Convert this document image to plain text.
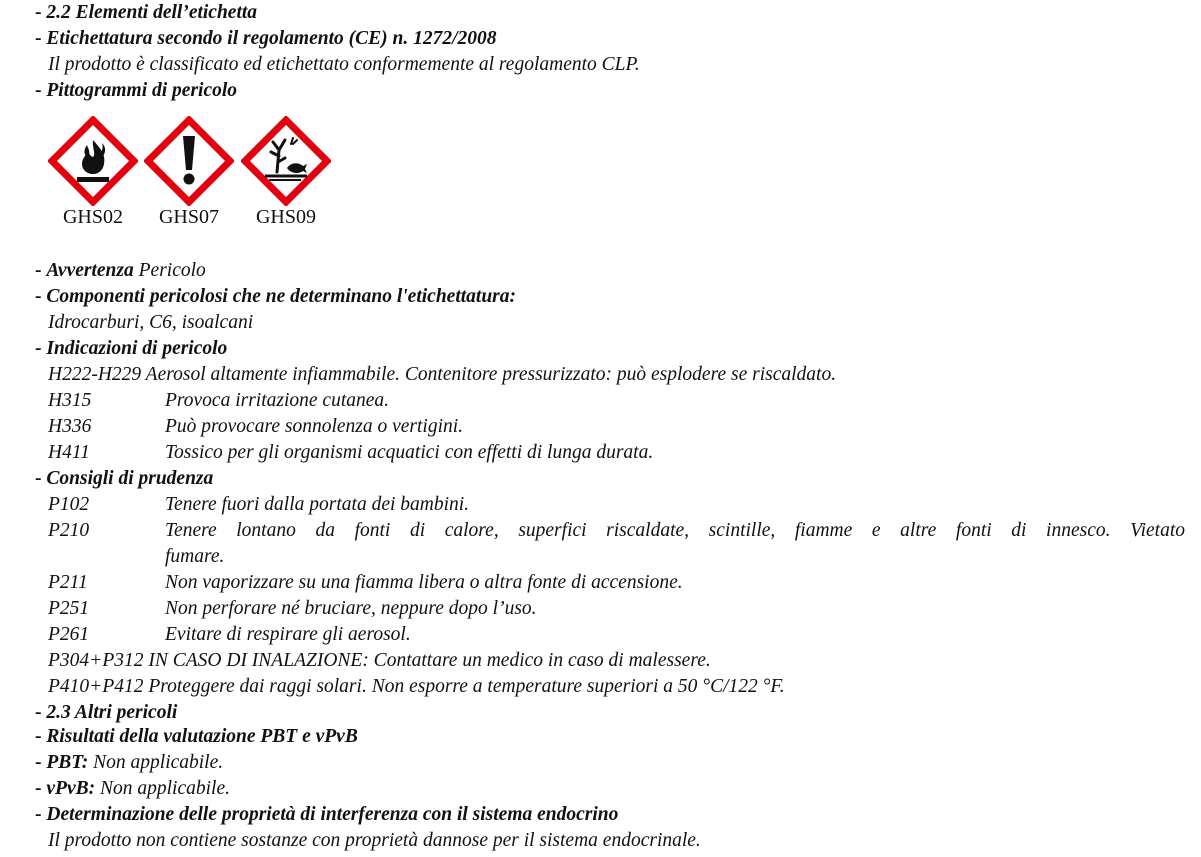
- 2.2 Elementi dell’etichetta
- Etichettatura secondo il regolamento (CE) n. 1272/2008
Il prodotto è classificato ed etichettato conformemente al regolamento CLP.
- Pittogrammi di pericolo
GHS02	GHS07	GHS09
- Avvertenza Pericolo
- Componenti pericolosi che ne determinano l'etichettatura:
Idrocarburi, C6, isoalcani
- Indicazioni di pericolo
H222-H229 Aerosol altamente infiammabile. Contenitore pressurizzato: può esplodere se riscaldato.
H315	Provoca irritazione cutanea.
H336	Può provocare sonnolenza o vertigini.
H411	Tossico per gli organismi acquatici con effetti di lunga durata.
- Consigli di prudenza
P102	Tenere fuori dalla portata dei bambini.
P210	Tenere lontano da fonti di calore, superfici riscaldate, scintille, fiamme e altre fonti di innesco. Vietato
fumare.
P211	Non vaporizzare su una fiamma libera o altra fonte di accensione.
P251	Non perforare né bruciare, neppure dopo l’uso.
P261	Evitare di respirare gli aerosol.
P304+P312 IN CASO DI INALAZIONE: Contattare un medico in caso di malessere.
P410+P412 Proteggere dai raggi solari. Non esporre a temperature superiori a 50 °C/122 °F.
- 2.3 Altri pericoli
- Risultati della valutazione PBT e vPvB
- PBT: Non applicabile.
- vPvB: Non applicabile.
- Determinazione delle proprietà di interferenza con il sistema endocrino
Il prodotto non contiene sostanze con proprietà dannose per il sistema endocrinale.
